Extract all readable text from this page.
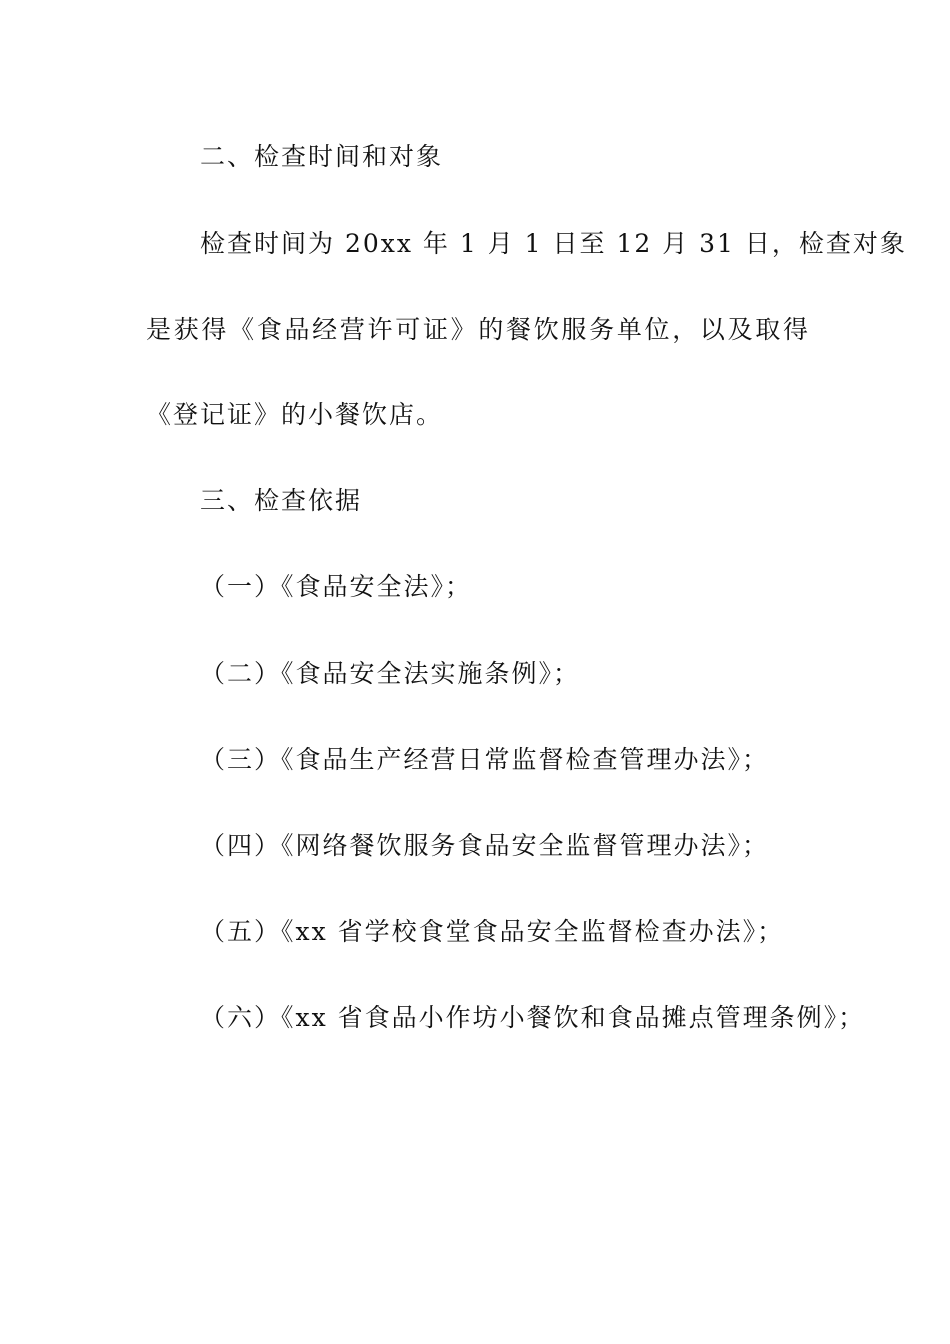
二、检查时间和对象
检查时间为 20xx 年 1 月 1 日至 12 月 31 日，检查对象
是获得《食品经营许可证》的餐饮服务单位，以及取得
《登记证》的小餐饮店。
三、检查依据
（一）《食品安全法》；
（二）《食品安全法实施条例》；
（三）《食品生产经营日常监督检查管理办法》；
（四）《网络餐饮服务食品安全监督管理办法》；
（五）《xx 省学校食堂食品安全监督检查办法》；
（六）《xx 省食品小作坊小餐饮和食品摊点管理条例》；
